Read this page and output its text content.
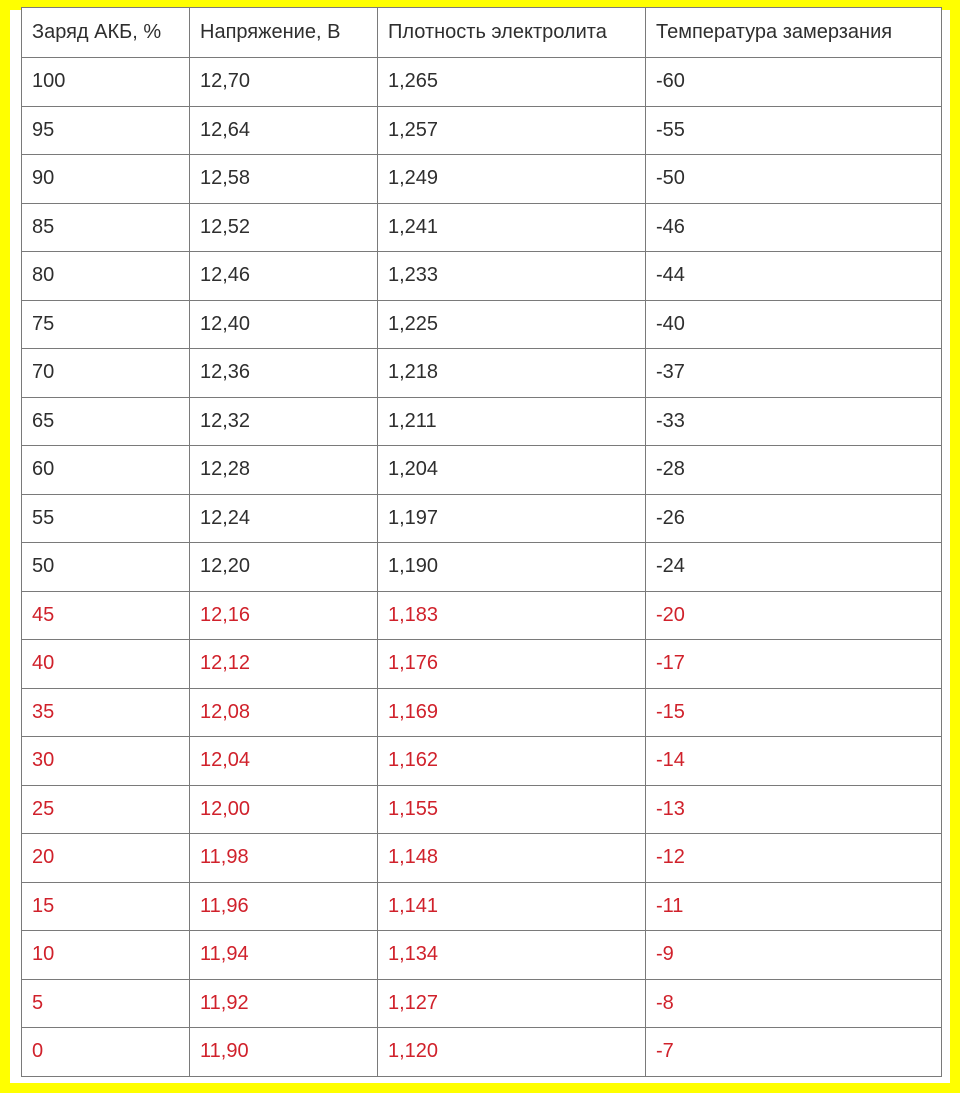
Заряд АКБ, %	Напряжение, В	Плотность электролита	Температура замерзания
100	12,70	1,265	-60
95	12,64	1,257	-55
90	12,58	1,249	-50
85	12,52	1,241	-46
80	12,46	1,233	-44
75	12,40	1,225	-40
70	12,36	1,218	-37
65	12,32	1,211	-33
60	12,28	1,204	-28
55	12,24	1,197	-26
50	12,20	1,190	-24
45	12,16	1,183	-20
40	12,12	1,176	-17
35	12,08	1,169	-15
30	12,04	1,162	-14
25	12,00	1,155	-13
20	11,98	1,148	-12
15	11,96	1,141	-11
10	11,94	1,134	-9
5	11,92	1,127	-8
0	11,90	1,120	-7
